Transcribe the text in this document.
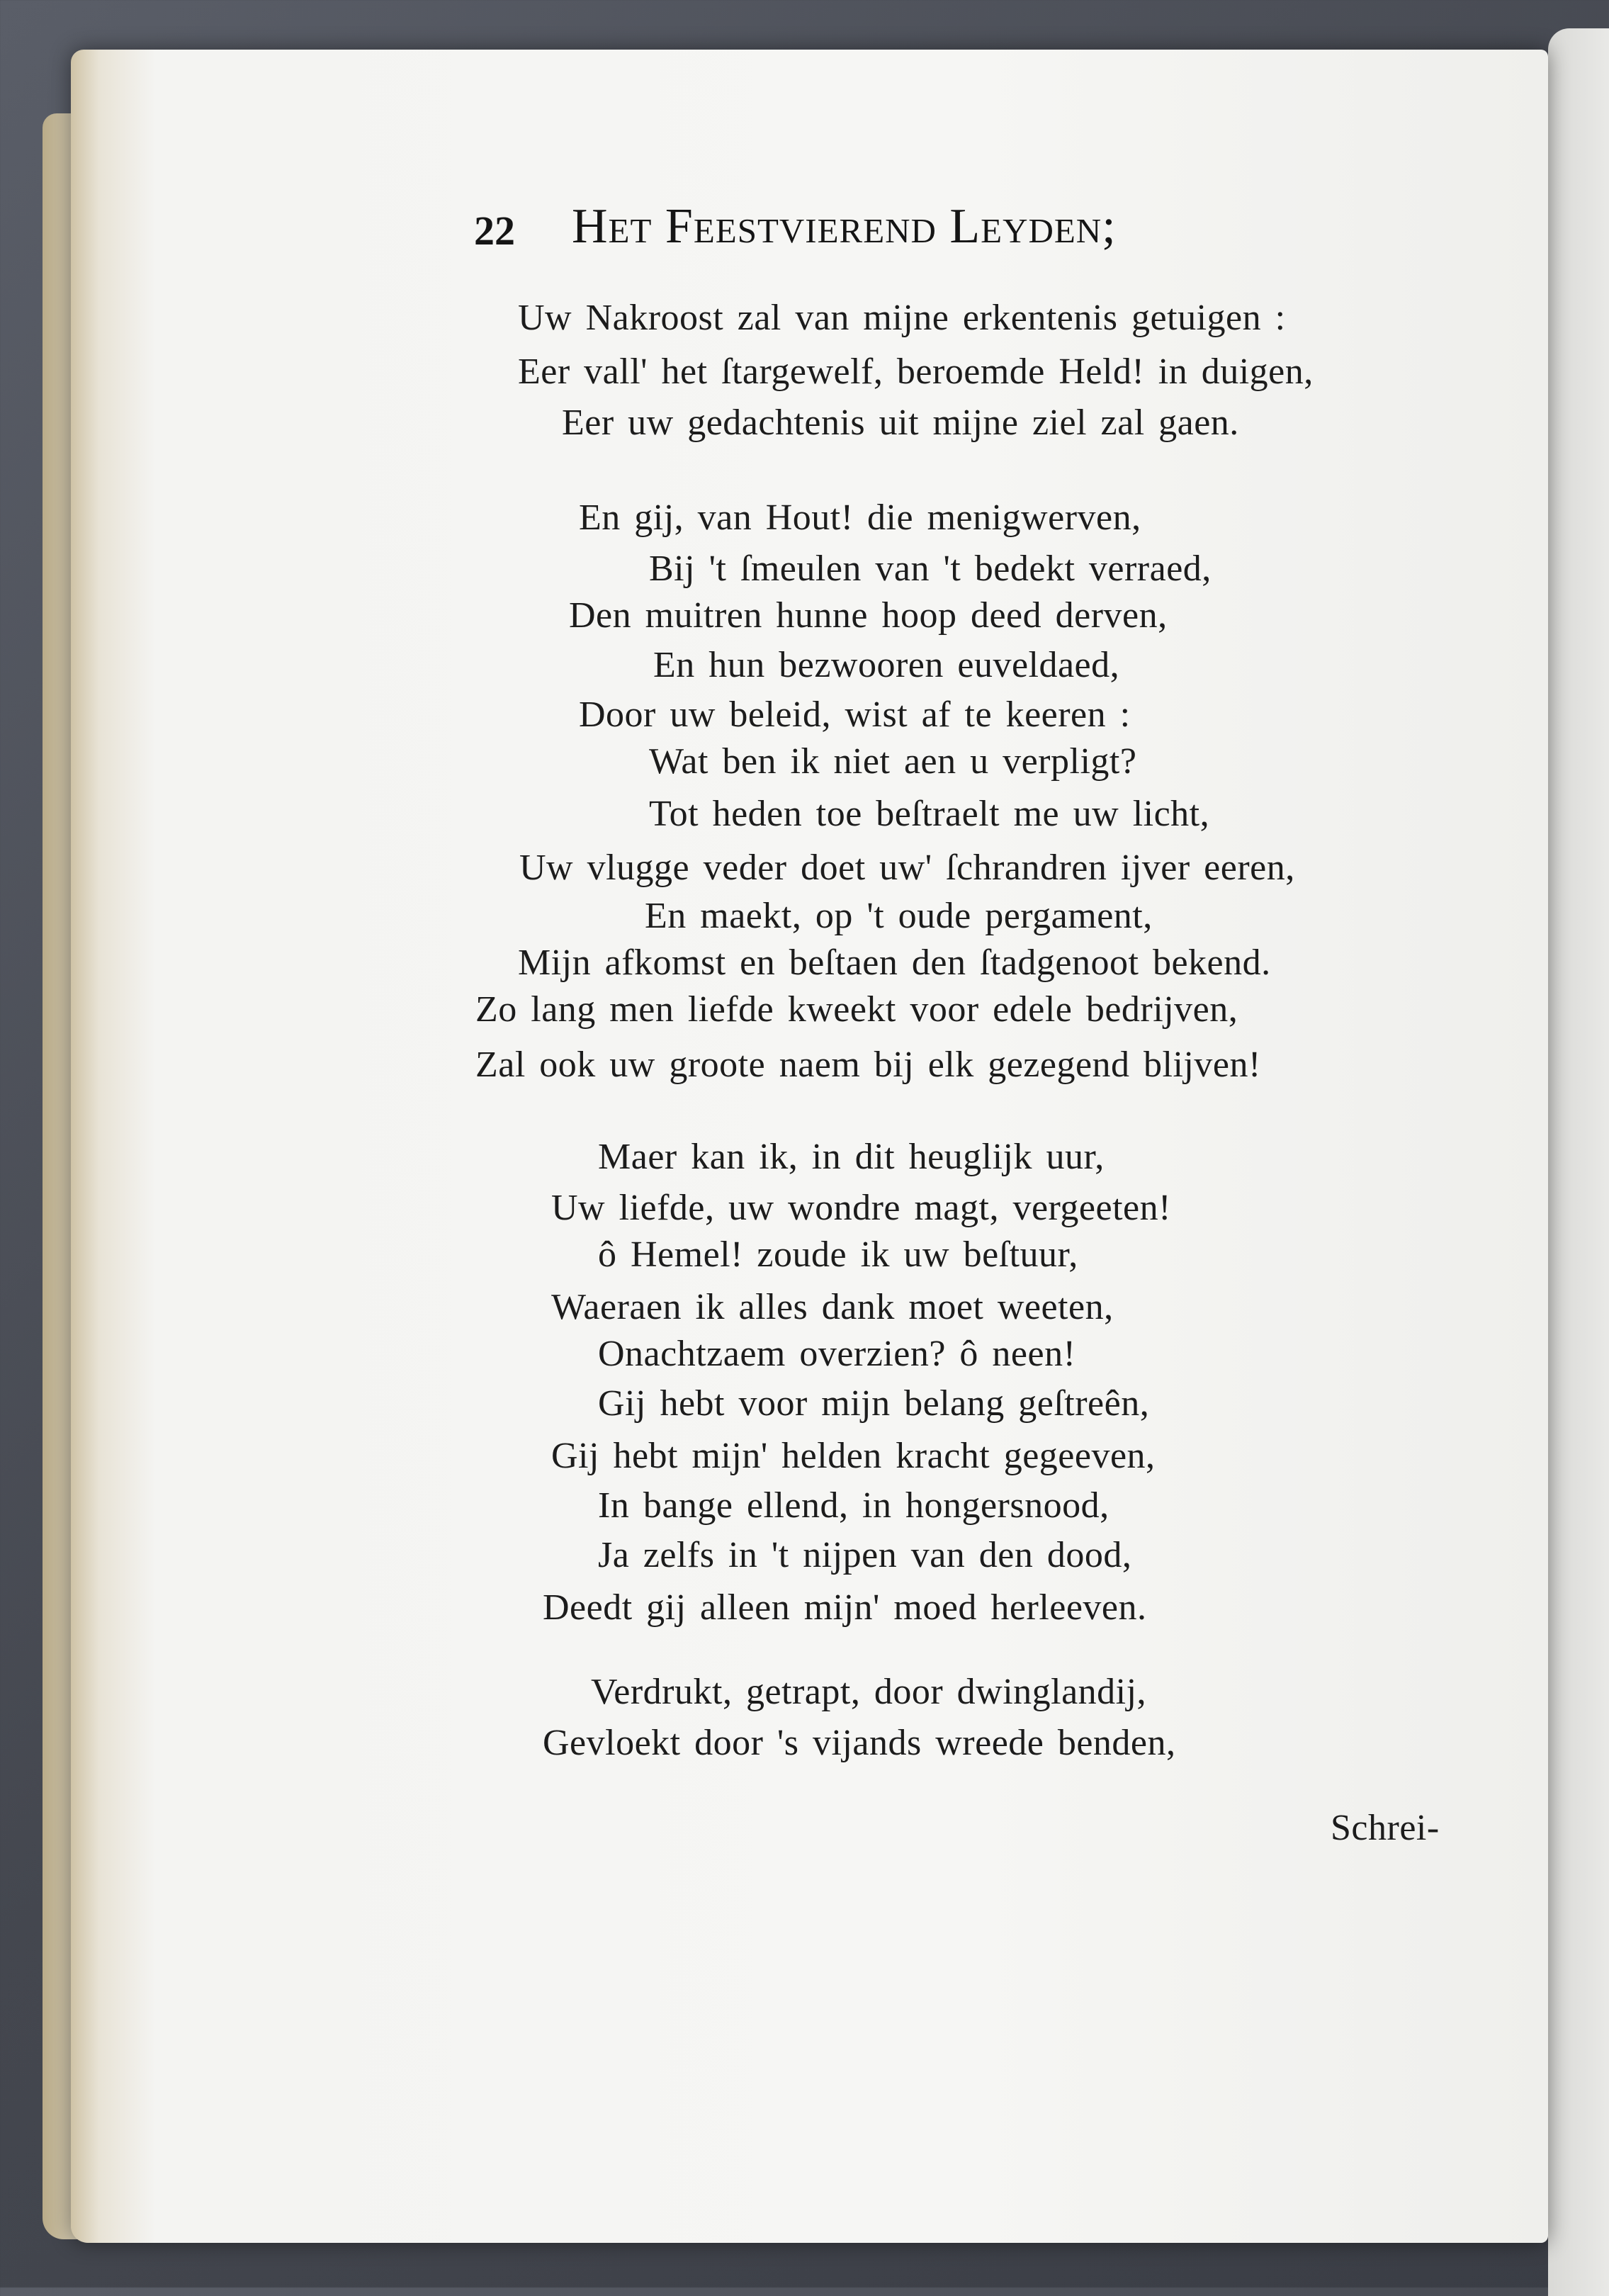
22 Het Feestvierend Leyden;
Uw Nakroost zal van mijne erkentenis getuigen :
Eer vall' het ſtargewelf, beroemde Held! in duigen,
Eer uw gedachtenis uit mijne ziel zal gaen.
En gij, van Hout! die menigwerven,
Bij 't ſmeulen van 't bedekt verraed,
Den muitren hunne hoop deed derven,
En hun bezwooren euveldaed,
Door uw beleid, wist af te keeren :
Wat ben ik niet aen u verpligt?
Tot heden toe beſtraelt me uw licht,
Uw vlugge veder doet uw' ſchrandren ijver eeren,
En maekt, op 't oude pergament,
Mijn afkomst en beſtaen den ſtadgenoot bekend.
Zo lang men liefde kweekt voor edele bedrijven,
Zal ook uw groote naem bij elk gezegend blijven!
Maer kan ik, in dit heuglijk uur,
Uw liefde, uw wondre magt, vergeeten!
ô Hemel! zoude ik uw beſtuur,
Waeraen ik alles dank moet weeten,
Onachtzaem overzien? ô neen!
Gij hebt voor mijn belang geſtreên,
Gij hebt mijn' helden kracht gegeeven,
In bange ellend, in hongersnood,
Ja zelfs in 't nijpen van den dood,
Deedt gij alleen mijn' moed herleeven.
Verdrukt, getrapt, door dwinglandij,
Gevloekt door 's vijands wreede benden,
Schrei-
